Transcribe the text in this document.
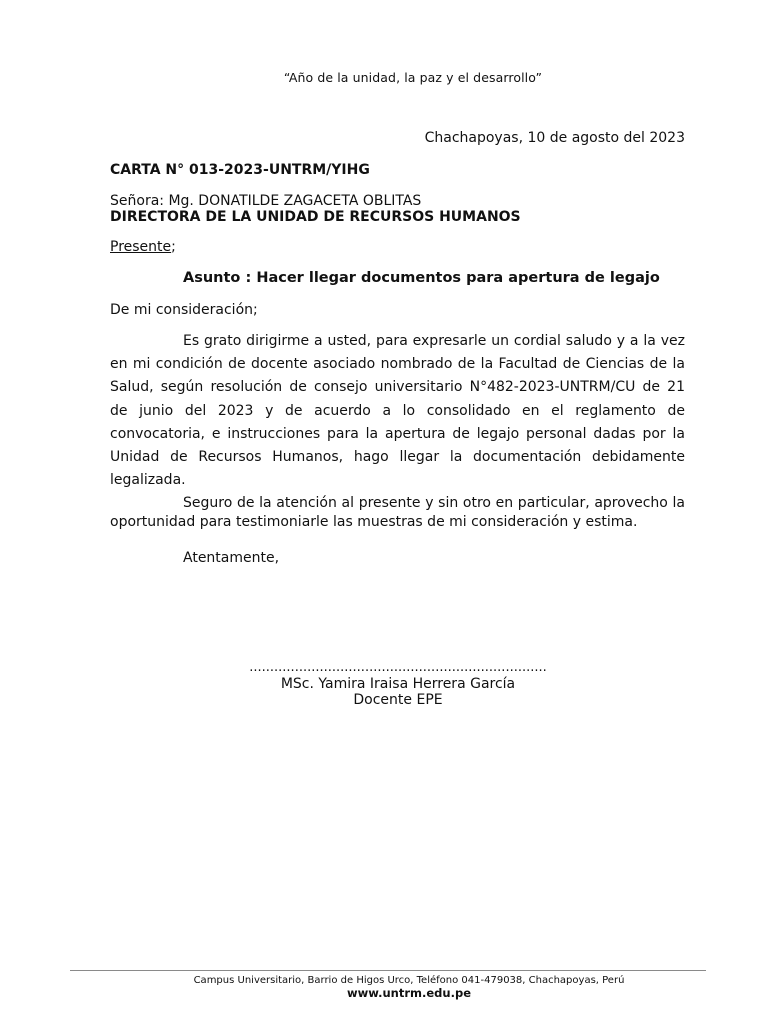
“Año de la unidad, la paz y el desarrollo”
Chachapoyas, 10 de agosto del 2023
CARTA N° 013-2023-UNTRM/YIHG
Señora: Mg. DONATILDE ZAGACETA OBLITAS
DIRECTORA DE LA UNIDAD DE RECURSOS HUMANOS
Presente;
Asunto : Hacer llegar documentos para apertura de legajo
De mi consideración;

Es grato dirigirme a usted, para expresarle un cordial saludo y a la vez en mi condición de docente asociado nombrado de la Facultad de Ciencias de la Salud, según resolución de consejo universitario N°482-2023-UNTRM/CU de 21 de junio del 2023 y de acuerdo a lo consolidado en el reglamento de convocatoria, e instrucciones para la apertura de legajo personal dadas por la Unidad de Recursos Humanos, hago llegar la documentación debidamente legalizada.

Seguro de la atención al presente y sin otro en particular, aprovecho la oportunidad para testimoniarle las muestras de mi consideración y estima.

Atentamente,
........................................................................
MSc. Yamira Iraisa Herrera García
Docente EPE
Campus Universitario, Barrio de Higos Urco, Teléfono 041-479038, Chachapoyas, Perú
www.untrm.edu.pe
